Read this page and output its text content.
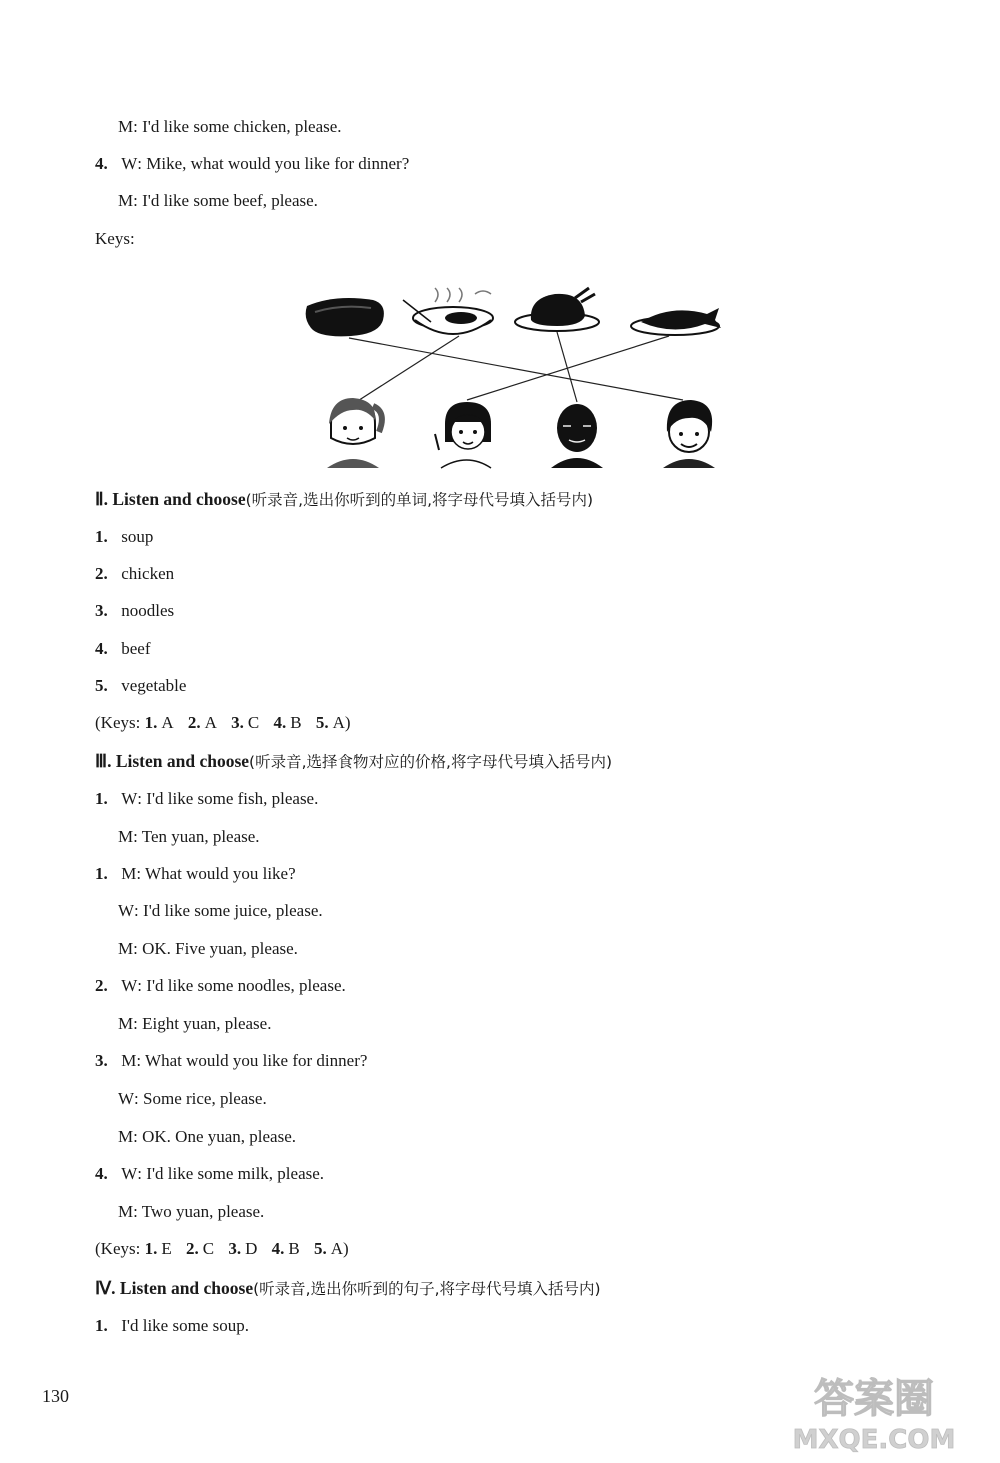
M: I'd like some chicken, please.
4. W: Mike, what would you like for dinner?
M: I'd like some beef, please.
Keys:
Ⅱ. Listen and choose(听录音,选出你听到的单词,将字母代号填入括号内)
1. soup
2. chicken
3. noodles
4. beef
5. vegetable
(Keys: 1. A 2. A 3. C 4. B 5. A)
Ⅲ. Listen and choose(听录音,选择食物对应的价格,将字母代号填入括号内)
1. W: I'd like some fish, please.
M: Ten yuan, please.
1. M: What would you like?
W: I'd like some juice, please.
M: OK. Five yuan, please.
2. W: I'd like some noodles, please.
M: Eight yuan, please.
3. M: What would you like for dinner?
W: Some rice, please.
M: OK. One yuan, please.
4. W: I'd like some milk, please.
M: Two yuan, please.
(Keys: 1. E 2. C 3. D 4. B 5. A)
Ⅳ. Listen and choose(听录音,选出你听到的句子,将字母代号填入括号内)
1. I'd like some soup.
130	答案圈
MXQE.COM
